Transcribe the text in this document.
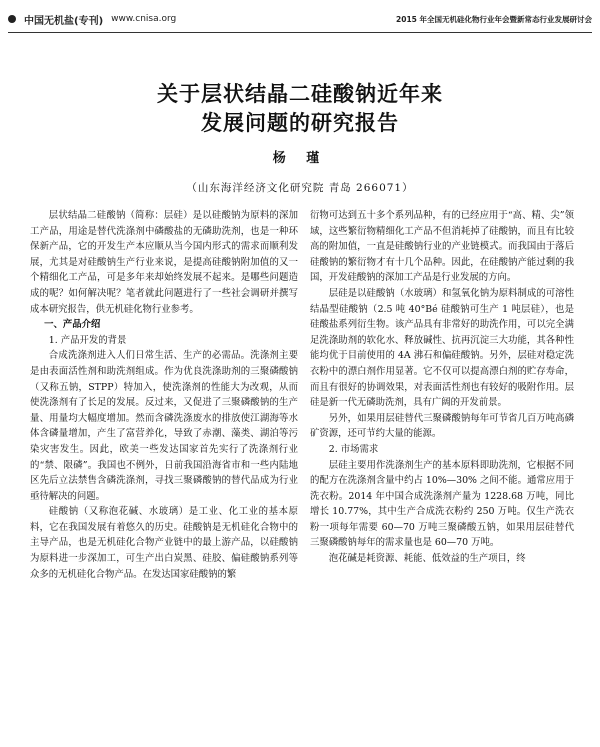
中国无机盐(专刊) www.cnisa.org	2015 年全国无机硅化物行业年会暨新常态行业发展研讨会
关于层状结晶二硅酸钠近年来
发展问题的研究报告
杨 瑾
（山东海洋经济文化研究院 青岛 266071）

层状结晶二硅酸钠（简称：层硅）是以硅酸钠为原料的深加工产品，用途是替代洗涤剂中磷酸盐的无磷助洗剂，也是一种环保新产品，它的开发生产本应顺从当今国内形式的需求而顺利发展，尤其是对硅酸钠生产行业来说，是提高硅酸钠附加值的又一个精细化工产品，可是多年来却始终发展不起来。是哪些问题造成的呢？如何解决呢？笔者就此问题进行了一些社会调研并撰写成本研究报告，供无机硅化物行业参考。

一、产品介绍

1. 产品开发的背景

合成洗涤剂进入人们日常生活、生产的必需品。洗涤剂主要是由表面活性剂和助洗剂组成。作为优良洗涤助剂的三聚磷酸钠（又称五钠，STPP）特加入，使洗涤剂的性能大为改观，从而使洗涤剂有了长足的发展。反过来，又促进了三聚磷酸钠的生产量、用量均大幅度增加。然而含磷洗涤废水的排放使江湖海等水体含磷量增加，产生了富营养化，导致了赤潮、藻类、湖泊等污染灾害发生。因此，欧美一些发达国家首先实行了洗涤剂行业的“禁、限磷”。我国也不例外，日前我国沿海省市和一些内陆地区先后立法禁售含磷洗涤剂，寻找三聚磷酸钠的替代品成为行业亟待解决的问题。

硅酸钠（又称泡花碱、水玻璃）是工业、化工业的基本原料，它在我国发展有着悠久的历史。硅酸钠是无机硅化合物中的主导产品，也是无机硅化合物产业链中的最上游产品，以硅酸钠为原料进一步深加工，可生产出白炭黑、硅胶、偏硅酸钠系列等众多的无机硅化合物产品。在发达国家硅酸钠的繁

衍物可达到五十多个系列品种，有的已经应用于“高、精、尖”领域，这些繁衍物精细化工产品不但消耗掉了硅酸钠，而且有比较高的附加值，一直是硅酸钠行业的产业链模式。而我国由于落后硅酸钠的繁衍物才有十几个品种。因此，在硅酸钠产能过剩的我国，开发硅酸钠的深加工产品是行业发展的方向。

层硅是以硅酸钠（水玻璃）和氢氧化钠为原料制成的可溶性结晶型硅酸钠（2.5 吨 40°Bé 硅酸钠可生产 1 吨层硅），也是硅酸盐系列衍生物。该产品具有非常好的助洗作用，可以完全满足洗涤助剂的软化水、释放碱性、抗再沉淀三大功能，其各种性能均优于目前使用的 4A 沸石和偏硅酸钠。另外，层硅对稳定洗衣粉中的漂白剂作用显著。它不仅可以提高漂白剂的贮存寿命，而且有很好的协调效果，对表面活性剂也有较好的吸附作用。层硅是新一代无磷助洗剂，具有广阔的开发前景。

另外，如果用层硅替代三聚磷酸钠每年可节省几百万吨高磷矿资源，还可节约大量的能源。

2. 市场需求

层硅主要用作洗涤剂生产的基本原料即助洗剂，它根据不同的配方在洗涤剂含量中约占 10%—30% 之间不能。通常应用于洗衣粉。2014 年中国合成洗涤剂产量为 1228.68 万吨，同比增长 10.77%，其中生产合成洗衣粉约 250 万吨。仅生产洗衣粉一项每年需要 60—70 万吨三聚磷酸五钠，如果用层硅替代三聚磷酸钠每年的需求量也是 60—70 万吨。

泡花碱是耗资源、耗能、低效益的生产项目，终
